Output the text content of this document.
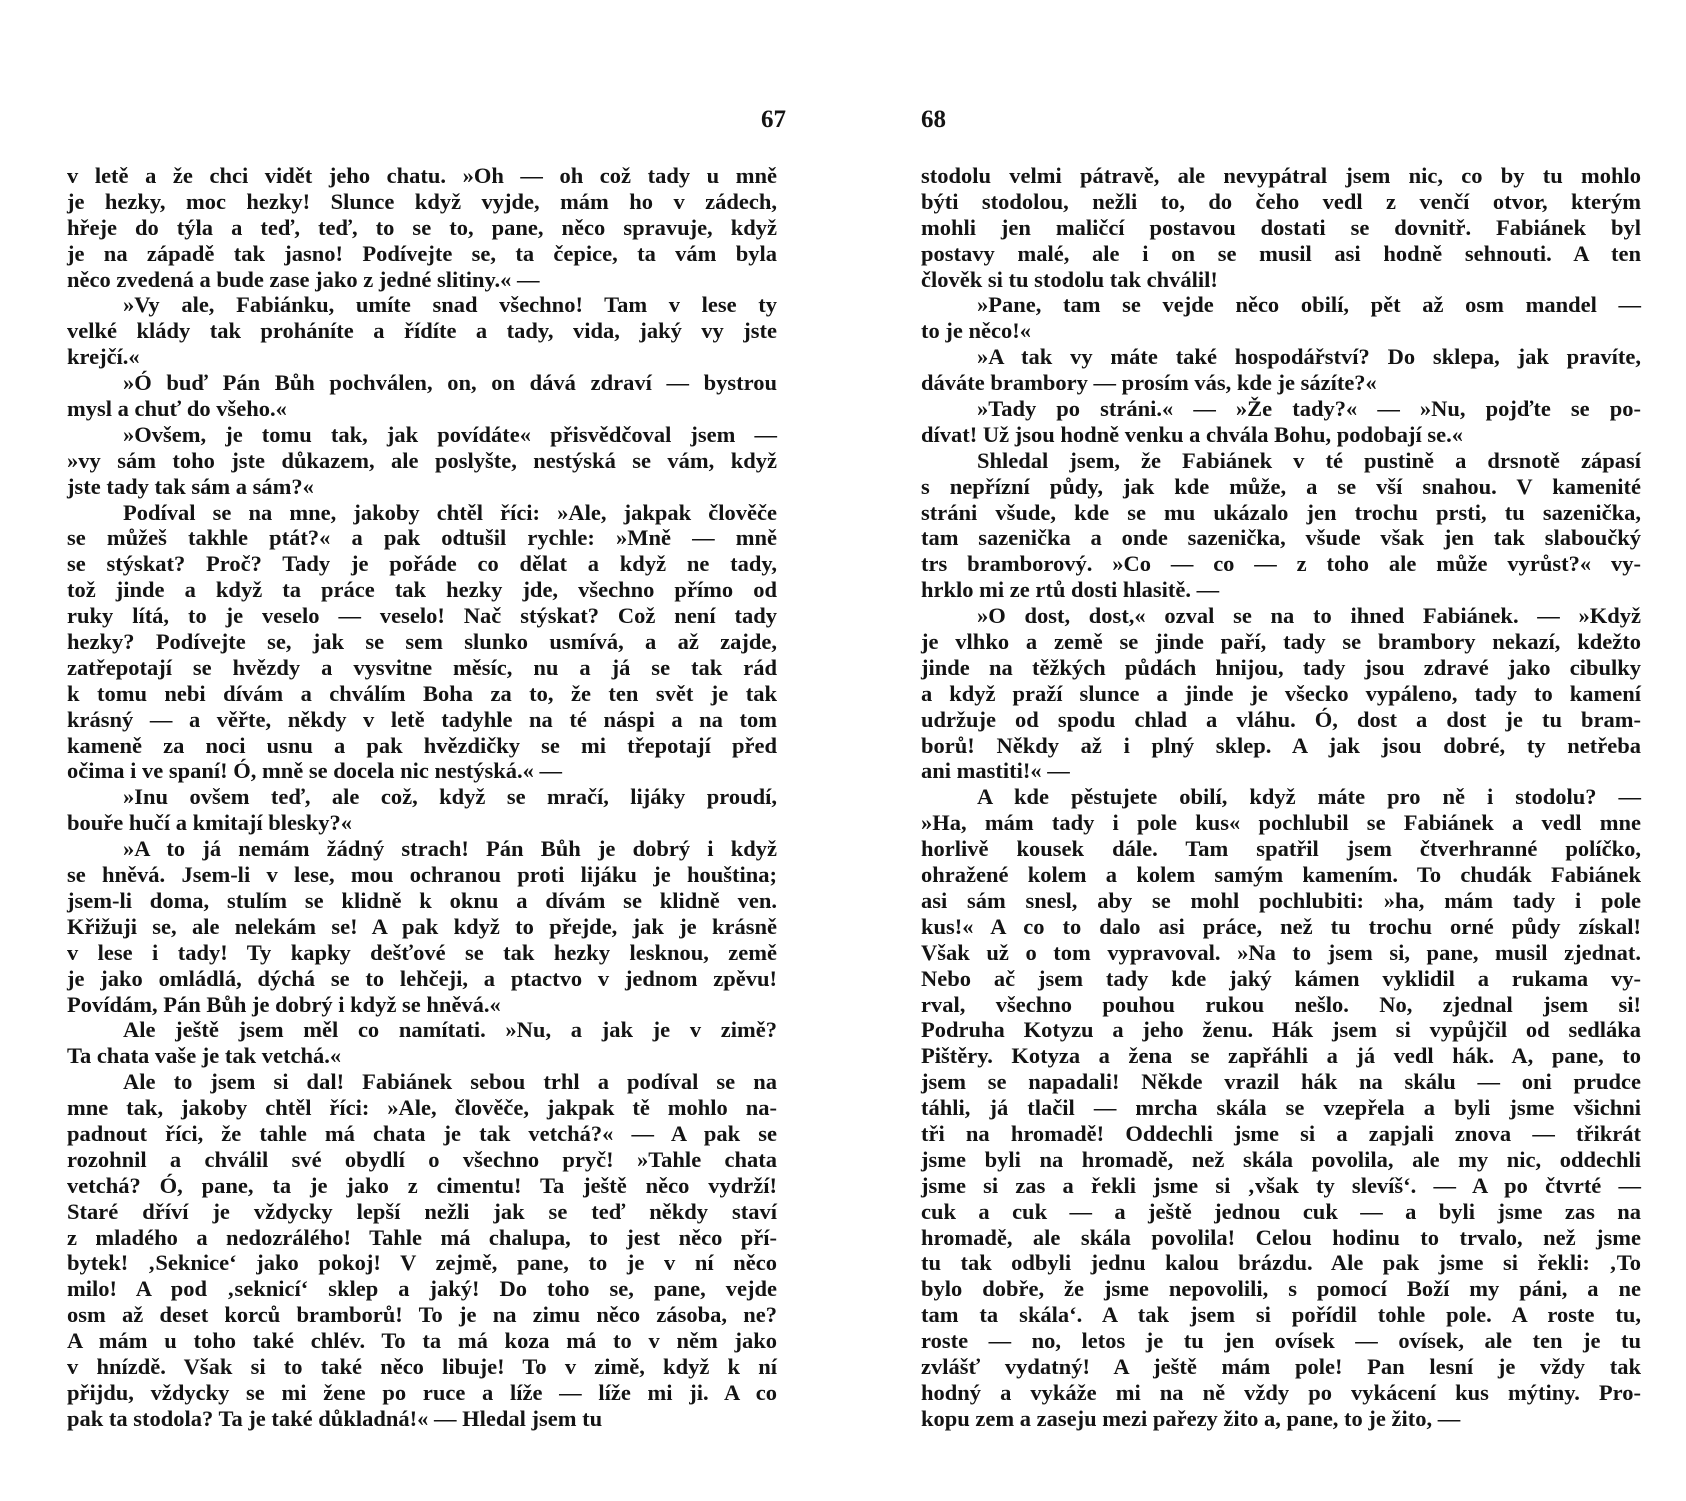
67
v letě a že chci vidět jeho chatu. »Oh — oh což tady u mně
je hezky, moc hezky! Slunce když vyjde, mám ho v zádech,
hřeje do týla a teď, teď, to se to, pane, něco spravuje, když
je na západě tak jasno! Podívejte se, ta čepice, ta vám byla
něco zvedená a bude zase jako z jedné slitiny.« —
»Vy ale, Fabiánku, umíte snad všechno! Tam v lese ty
velké klády tak proháníte a řídíte a tady, vida, jaký vy jste
krejčí.«
»Ó buď Pán Bůh pochválen, on, on dává zdraví — bystrou
mysl a chuť do všeho.«
»Ovšem, je tomu tak, jak povídáte« přisvědčoval jsem —
»vy sám toho jste důkazem, ale poslyšte, nestýská se vám, když
jste tady tak sám a sám?«
Podíval se na mne, jakoby chtěl říci: »Ale, jakpak člověče
se můžeš takhle ptát?« a pak odtušil rychle: »Mně — mně
se stýskat? Proč? Tady je pořáde co dělat a když ne tady,
tož jinde a když ta práce tak hezky jde, všechno přímo od
ruky lítá, to je veselo — veselo! Nač stýskat? Což není tady
hezky? Podívejte se, jak se sem slunko usmívá, a až zajde,
zatřepotají se hvězdy a vysvitne měsíc, nu a já se tak rád
k tomu nebi dívám a chválím Boha za to, že ten svět je tak
krásný — a věřte, někdy v letě tadyhle na té náspi a na tom
kameně za noci usnu a pak hvězdičky se mi třepotají před
očima i ve spaní! Ó, mně se docela nic nestýská.« —
»Inu ovšem teď, ale což, když se mračí, lijáky proudí,
bouře hučí a kmitají blesky?«
»A to já nemám žádný strach! Pán Bůh je dobrý i když
se hněvá. Jsem-li v lese, mou ochranou proti lijáku je houština;
jsem-li doma, stulím se klidně k oknu a dívám se klidně ven.
Křižuji se, ale nelekám se! A pak když to přejde, jak je krásně
v lese i tady! Ty kapky dešťové se tak hezky lesknou, země
je jako omládlá, dýchá se to lehčeji, a ptactvo v jednom zpěvu!
Povídám, Pán Bůh je dobrý i když se hněvá.«
Ale ještě jsem měl co namítati. »Nu, a jak je v zimě?
Ta chata vaše je tak vetchá.«
Ale to jsem si dal! Fabiánek sebou trhl a podíval se na
mne tak, jakoby chtěl říci: »Ale, člověče, jakpak tě mohlo na-
padnout říci, že tahle má chata je tak vetchá?« — A pak se
rozohnil a chválil své obydlí o všechno pryč! »Tahle chata
vetchá? Ó, pane, ta je jako z cimentu! Ta ještě něco vydrží!
Staré dříví je vždycky lepší nežli jak se teď někdy staví
z mladého a nedozrálého! Tahle má chalupa, to jest něco pří-
bytek! ‚Seknice‘ jako pokoj! V zejmě, pane, to je v ní něco
milo! A pod ‚seknicí‘ sklep a jaký! Do toho se, pane, vejde
osm až deset korců bramborů! To je na zimu něco zásoba, ne?
A mám u toho také chlév. To ta má koza má to v něm jako
v hnízdě. Však si to také něco libuje! To v zimě, když k ní
přijdu, vždycky se mi žene po ruce a líže — líže mi ji. A co
pak ta stodola? Ta je také důkladná!« — Hledal jsem tu
68
stodolu velmi pátravě, ale nevypátral jsem nic, co by tu mohlo
býti stodolou, nežli to, do čeho vedl z venčí otvor, kterým
mohli jen maličcí postavou dostati se dovnitř. Fabiánek byl
postavy malé, ale i on se musil asi hodně sehnouti. A ten
člověk si tu stodolu tak chválil!
»Pane, tam se vejde něco obilí, pět až osm mandel —
to je něco!«
»A tak vy máte také hospodářství? Do sklepa, jak pravíte,
dáváte brambory — prosím vás, kde je sázíte?«
»Tady po stráni.« — »Že tady?« — »Nu, pojďte se po-
dívat! Už jsou hodně venku a chvála Bohu, podobají se.«
Shledal jsem, že Fabiánek v té pustině a drsnotě zápasí
s nepřízní půdy, jak kde může, a se vší snahou. V kamenité
stráni všude, kde se mu ukázalo jen trochu prsti, tu sazenička,
tam sazenička a onde sazenička, všude však jen tak slaboučký
trs bramborový. »Co — co — z toho ale může vyrůst?« vy-
hrklo mi ze rtů dosti hlasitě. —
»O dost, dost,« ozval se na to ihned Fabiánek. — »Když
je vlhko a země se jinde paří, tady se brambory nekazí, kdežto
jinde na těžkých půdách hnijou, tady jsou zdravé jako cibulky
a když praží slunce a jinde je všecko vypáleno, tady to kamení
udržuje od spodu chlad a vláhu. Ó, dost a dost je tu bram-
borů! Někdy až i plný sklep. A jak jsou dobré, ty netřeba
ani mastiti!« —
A kde pěstujete obilí, když máte pro ně i stodolu? —
»Ha, mám tady i pole kus« pochlubil se Fabiánek a vedl mne
horlivě kousek dále. Tam spatřil jsem čtverhranné políčko,
ohražené kolem a kolem samým kamením. To chudák Fabiánek
asi sám snesl, aby se mohl pochlubiti: »ha, mám tady i pole
kus!« A co to dalo asi práce, než tu trochu orné půdy získal!
Však už o tom vypravoval. »Na to jsem si, pane, musil zjednat.
Nebo ač jsem tady kde jaký kámen vyklidil a rukama vy-
rval, všechno pouhou rukou nešlo. No, zjednal jsem si!
Podruha Kotyzu a jeho ženu. Hák jsem si vypůjčil od sedláka
Pištěry. Kotyza a žena se zapřáhli a já vedl hák. A, pane, to
jsem se napadali! Někde vrazil hák na skálu — oni prudce
táhli, já tlačil — mrcha skála se vzepřela a byli jsme všichni
tři na hromadě! Oddechli jsme si a zapjali znova — třikrát
jsme byli na hromadě, než skála povolila, ale my nic, oddechli
jsme si zas a řekli jsme si ‚však ty slevíš‘. — A po čtvrté —
cuk a cuk — a ještě jednou cuk — a byli jsme zas na
hromadě, ale skála povolila! Celou hodinu to trvalo, než jsme
tu tak odbyli jednu kalou brázdu. Ale pak jsme si řekli: ‚To
bylo dobře, že jsme nepovolili, s pomocí Boží my páni, a ne
tam ta skála‘. A tak jsem si pořídil tohle pole. A roste tu,
roste — no, letos je tu jen ovísek — ovísek, ale ten je tu
zvlášť vydatný! A ještě mám pole! Pan lesní je vždy tak
hodný a vykáže mi na ně vždy po vykácení kus mýtiny. Pro-
kopu zem a zaseju mezi pařezy žito a, pane, to je žito, —
